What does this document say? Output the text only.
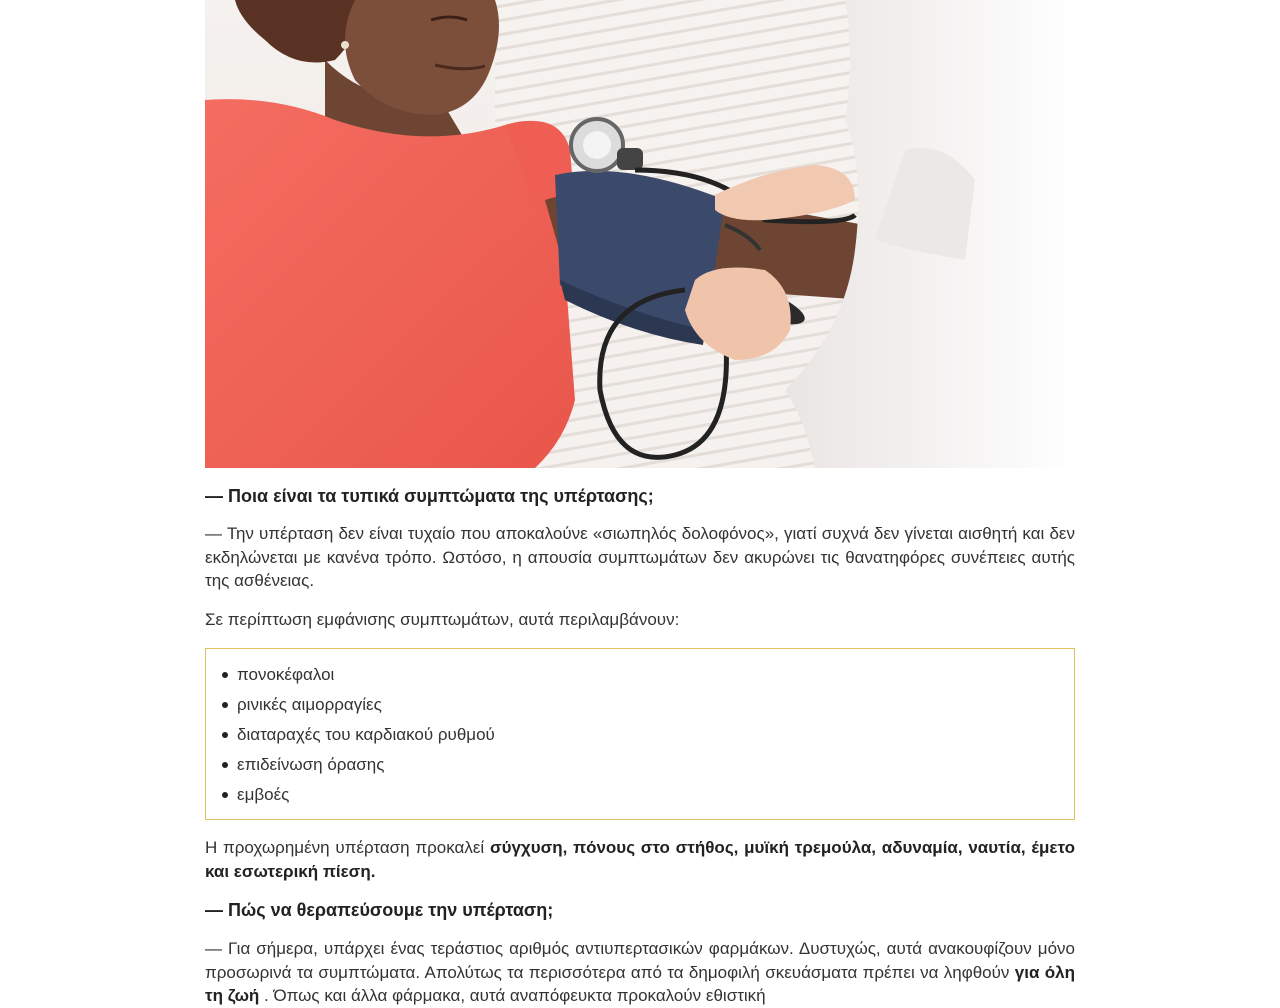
— Ποια είναι τα τυπικά συμπτώματα της υπέρτασης;

— Την υπέρταση δεν είναι τυχαίο που αποκαλούνε «σιωπηλός δολοφόνος», γιατί συχνά δεν γίνεται αισθητή και δεν εκδηλώνεται με κανένα τρόπο. Ωστόσο, η απουσία συμπτωμάτων δεν ακυρώνει τις θανατηφόρες συνέπειες αυτής της ασθένειας.

Σε περίπτωση εμφάνισης συμπτωμάτων, αυτά περιλαμβάνουν:

πονοκέφαλοι
ρινικές αιμορραγίες
διαταραχές του καρδιακού ρυθμού
επιδείνωση όρασης
εμβοές

Η προχωρημένη υπέρταση προκαλεί σύγχυση, πόνους στο στήθος, μυϊκή τρεμούλα, αδυναμία, ναυτία, έμετο και εσωτερική πίεση.

— Πώς να θεραπεύσουμε την υπέρταση;

— Για σήμερα, υπάρχει ένας τεράστιος αριθμός αντιυπερτασικών φαρμάκων. Δυστυχώς, αυτά ανακουφίζουν μόνο προσωρινά τα συμπτώματα. Απολύτως τα περισσότερα από τα δημοφιλή σκευάσματα πρέπει να ληφθούν για όλη τη ζωή . Όπως και άλλα φάρμακα, αυτά αναπόφευκτα προκαλούν εθιστική
